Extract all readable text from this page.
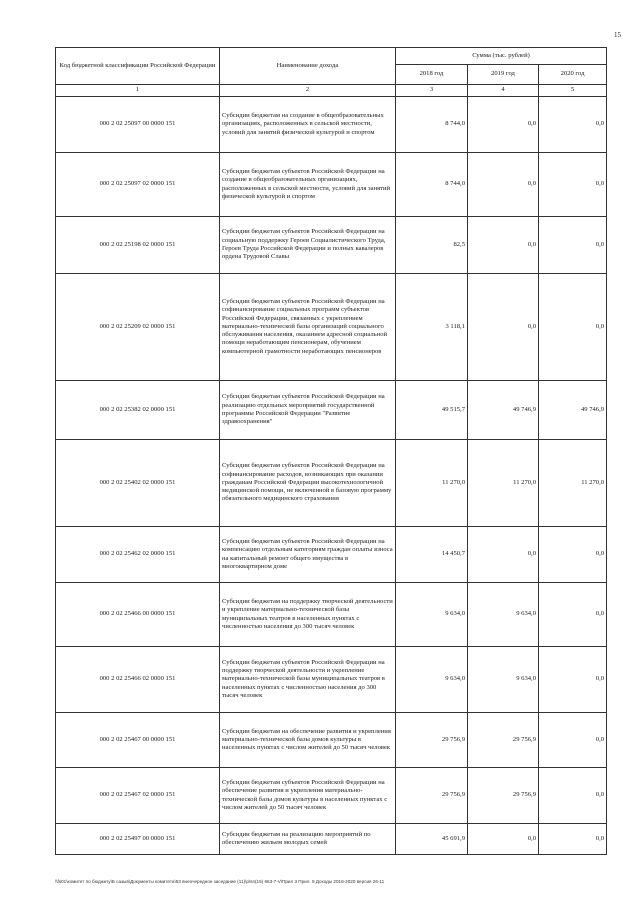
15
Код бюджетной классификации Российской Федерации	Наименование дохода	Сумма (тыс. рублей)		
		2018 год	2019 год	2020 год
1	2	3	4	5
000 2 02 25097 00 0000 151	Субсидии бюджетам на создание в общеобразовательных организациях, расположенных в сельской местности, условий для занятий физической культурой и спортом	8 744,0	0,0	0,0
000 2 02 25097 02 0000 151	Субсидии бюджетам субъектов Российской Федерации на создание в общеобразовательных организациях, расположенных в сельской местности, условий для занятий физической культурой и спортом	8 744,0	0,0	0,0
000 2 02 25198 02 0000 151	Субсидии бюджетам субъектов Российской Федерации на социальную поддержку Героев Социалистического Труда, Героев Труда Российской Федерации и полных кавалеров ордена Трудовой Славы	82,5	0,0	0,0
000 2 02 25209 02 0000 151	Субсидии бюджетам субъектов Российской Федерации на софинансирование социальных программ субъектов Российской Федерации, связанных с укреплением материально-технической базы организаций социального обслуживания населения, оказанием адресной социальной помощи неработающим пенсионерам, обучением компьютерной грамотности неработающих пенсионеров	3 118,1	0,0	0,0
000 2 02 25382 02 0000 151	Субсидии бюджетам субъектов Российской Федерации на реализацию отдельных мероприятий государственной программы Российской Федерации "Развитие здравоохранения"	49 515,7	49 746,9	49 746,9
000 2 02 25402 02 0000 151	Субсидии бюджетам субъектов Российской Федерации на софинансирование расходов, возникающих при оказании гражданам Российской Федерации высокотехнологичной медицинской помощи, не включенной в базовую программу обязательного медицинского страхования	11 270,0	11 270,0	11 270,0
000 2 02 25462 02 0000 151	Субсидии бюджетам субъектов Российской Федерации на компенсацию отдельным категориям граждан оплаты взноса на капитальный ремонт общего имущества в многоквартирном доме	14 450,7	0,0	0,0
000 2 02 25466 00 0000 151	Субсидии бюджетам на поддержку творческой деятельности и укрепление материально-технической базы муниципальных театров в населенных пунктах с численностью населения до 300 тысяч человек	9 634,0	9 634,0	0,0
000 2 02 25466 02 0000 151	Субсидии бюджетам субъектов Российской Федерации на поддержку творческой деятельности и укрепление материально-технической базы муниципальных театров в населенных пунктах с численностью населения до 300 тысяч человек	9 634,0	9 634,0	0,0
000 2 02 25467 00 0000 151	Субсидии бюджетам на обеспечение развития и укрепления материально-технической базы домов культуры в населенных пунктах с числом жителей до 50 тысяч человек	29 756,9	29 756,9	0,0
000 2 02 25467 02 0000 151	Субсидии бюджетам субъектов Российской Федерации на обеспечение развития и укрепления материально-технической базы домов культуры в населенных пунктах с числом жителей до 50 тысяч человек	29 756,9	29 756,9	0,0
000 2 02 25497 00 0000 151	Субсидии бюджетам на реализацию мероприятий по обеспечению жильем молодых семей	45 691,9	0,0	0,0
\\fs01\комитет по бюджету\Б сазыв\Документы комитета\53 внеочередное заседание (11)\p\sn(15) 663-7-V\Прил 3 Прил. 9 Доходы 2018-2020 версия 26-11
